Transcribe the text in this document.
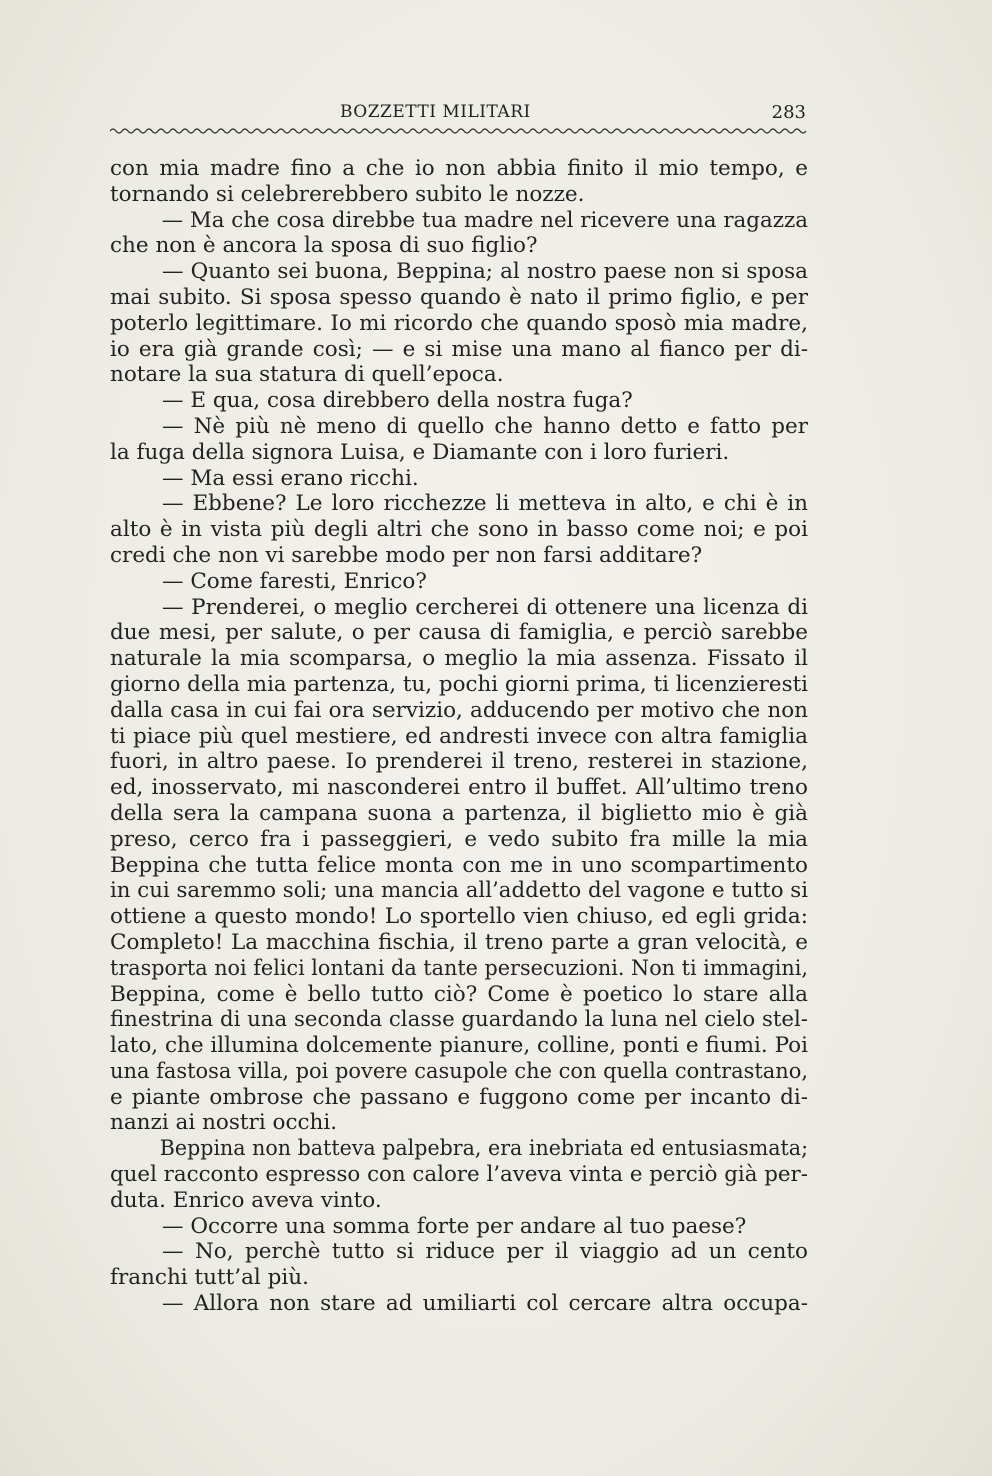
BOZZETTI MILITARI	283
con mia madre fino a che io non abbia finito il mio tempo, e
tornando si celebrerebbero subito le nozze.
— Ma che cosa direbbe tua madre nel ricevere una ragazza
che non è ancora la sposa di suo figlio?
— Quanto sei buona, Beppina; al nostro paese non si sposa
mai subito. Si sposa spesso quando è nato il primo figlio, e per
poterlo legittimare. Io mi ricordo che quando sposò mia madre,
io era già grande così; — e si mise una mano al fianco per di-
notare la sua statura di quell’epoca.
— E qua, cosa direbbero della nostra fuga?
— Nè più nè meno di quello che hanno detto e fatto per
la fuga della signora Luisa, e Diamante con i loro furieri.
— Ma essi erano ricchi.
— Ebbene? Le loro ricchezze li metteva in alto, e chi è in
alto è in vista più degli altri che sono in basso come noi; e poi
credi che non vi sarebbe modo per non farsi additare?
— Come faresti, Enrico?
— Prenderei, o meglio cercherei di ottenere una licenza di
due mesi, per salute, o per causa di famiglia, e perciò sarebbe
naturale la mia scomparsa, o meglio la mia assenza. Fissato il
giorno della mia partenza, tu, pochi giorni prima, ti licenzieresti
dalla casa in cui fai ora servizio, adducendo per motivo che non
ti piace più quel mestiere, ed andresti invece con altra famiglia
fuori, in altro paese. Io prenderei il treno, resterei in stazione,
ed, inosservato, mi nasconderei entro il buffet. All’ultimo treno
della sera la campana suona a partenza, il biglietto mio è già
preso, cerco fra i passeggieri, e vedo subito fra mille la mia
Beppina che tutta felice monta con me in uno scompartimento
in cui saremmo soli; una mancia all’addetto del vagone e tutto si
ottiene a questo mondo! Lo sportello vien chiuso, ed egli grida:
Completo! La macchina fischia, il treno parte a gran velocità, e
trasporta noi felici lontani da tante persecuzioni. Non ti immagini,
Beppina, come è bello tutto ciò? Come è poetico lo stare alla
finestrina di una seconda classe guardando la luna nel cielo stel-
lato, che illumina dolcemente pianure, colline, ponti e fiumi. Poi
una fastosa villa, poi povere casupole che con quella contrastano,
e piante ombrose che passano e fuggono come per incanto di-
nanzi ai nostri occhi.
Beppina non batteva palpebra, era inebriata ed entusiasmata;
quel racconto espresso con calore l’aveva vinta e perciò già per-
duta. Enrico aveva vinto.
— Occorre una somma forte per andare al tuo paese?
— No, perchè tutto si riduce per il viaggio ad un cento
franchi tutt’al più.
— Allora non stare ad umiliarti col cercare altra occupa-
